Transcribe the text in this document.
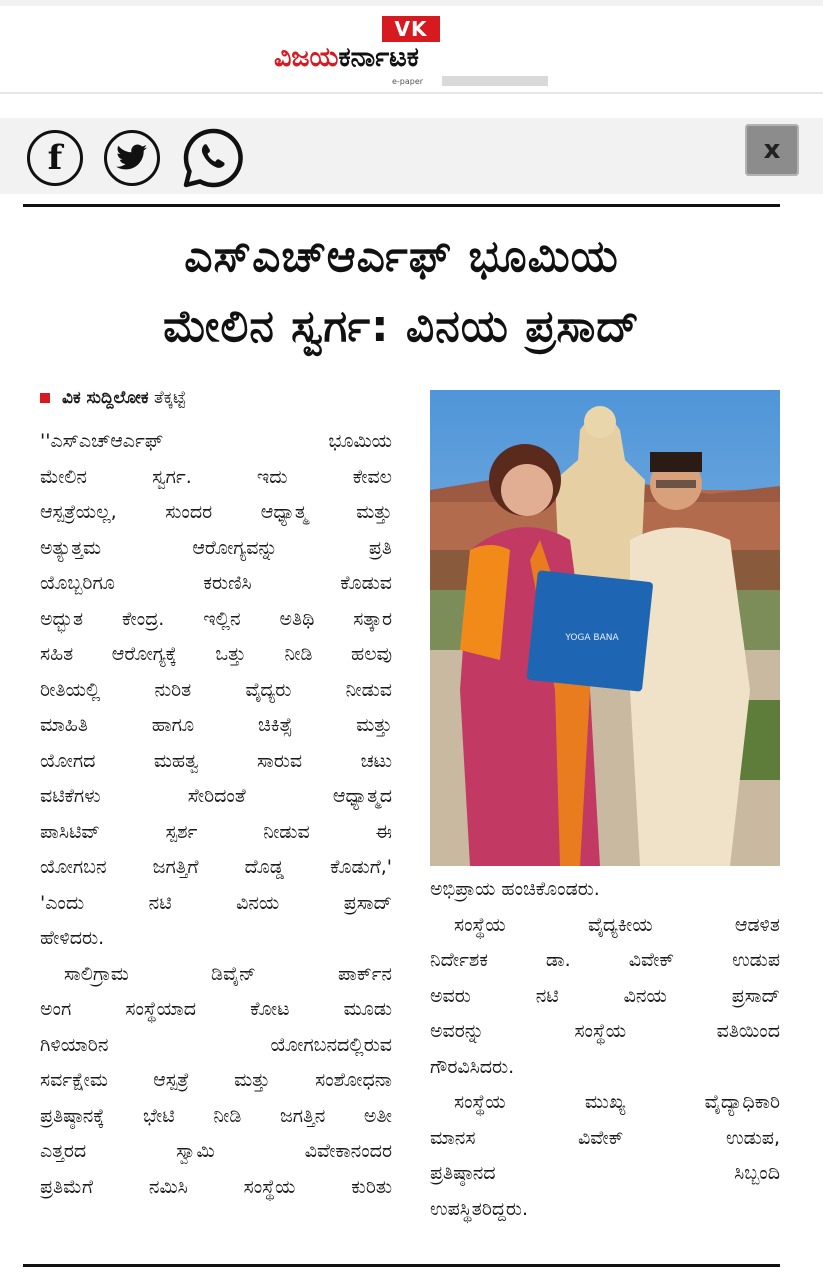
VK
ವಿಜಯಕರ್ನಾಟಕ
e-paper
f	x
ಎಸ್ಎಚ್ಆರ್ಎಫ್ ಭೂಮಿಯ
ಮೇಲಿನ ಸ್ವರ್ಗ: ವಿನಯ ಪ್ರಸಾದ್
ವಿಕ ಸುದ್ದಿಲೋಕ ತೆಕ್ಕಟ್ಟೆ
''ಎಸ್ಎಚ್ಆರ್ಎಫ್ ಭೂಮಿಯ
ಮೇಲಿನ ಸ್ವರ್ಗ. ಇದು ಕೇವಲ
ಆಸ್ಪತ್ರೆಯಲ್ಲ, ಸುಂದರ ಆಧ್ಯಾತ್ಮ ಮತ್ತು
ಅತ್ಯುತ್ತಮ ಆರೋಗ್ಯವನ್ನು ಪ್ರತಿ
ಯೊಬ್ಬರಿಗೂ ಕರುಣಿಸಿ ಕೊಡುವ
ಅದ್ಭುತ ಕೇಂದ್ರ. ಇಲ್ಲಿನ ಅತಿಥಿ ಸತ್ಕಾರ
ಸಹಿತ ಆರೋಗ್ಯಕ್ಕೆ ಒತ್ತು ನೀಡಿ ಹಲವು
ರೀತಿಯಲ್ಲಿ ನುರಿತ ವೈದ್ಯರು ನೀಡುವ
ಮಾಹಿತಿ ಹಾಗೂ ಚಿಕಿತ್ಸೆ ಮತ್ತು
ಯೋಗದ ಮಹತ್ವ ಸಾರುವ ಚಟು
ವಟಿಕೆಗಳು ಸೇರಿದಂತೆ ಆಧ್ಯಾತ್ಮದ
ಪಾಸಿಟಿವ್ ಸ್ಪರ್ಶ ನೀಡುವ ಈ
ಯೋಗಬನ ಜಗತ್ತಿಗೆ ದೊಡ್ಡ ಕೊಡುಗೆ,'
'ಎಂದು ನಟಿ ವಿನಯ ಪ್ರಸಾದ್
ಹೇಳಿದರು.
ಸಾಲಿಗ್ರಾಮ ಡಿವೈನ್ ಪಾರ್ಕ್‌ನ
ಅಂಗ ಸಂಸ್ಥೆಯಾದ ಕೋಟ ಮೂಡು
ಗಿಳಿಯಾರಿನ ಯೋಗಬನದಲ್ಲಿರುವ
ಸರ್ವಕ್ಷೇಮ ಆಸ್ಪತ್ರೆ ಮತ್ತು ಸಂಶೋಧನಾ
ಪ್ರತಿಷ್ಠಾನಕ್ಕೆ ಭೇಟಿ ನೀಡಿ ಜಗತ್ತಿನ ಅತೀ
ಎತ್ತರದ ಸ್ವಾಮಿ ವಿವೇಕಾನಂದರ
ಪ್ರತಿಮೆಗೆ ನಮಿಸಿ ಸಂಸ್ಥೆಯ ಕುರಿತು
YOGA BANA
ಅಭಿಪ್ರಾಯ ಹಂಚಿಕೊಂಡರು.
ಸಂಸ್ಥೆಯ ವೈದ್ಯಕೀಯ ಆಡಳಿತ
ನಿರ್ದೇಶಕ ಡಾ. ವಿವೇಕ್ ಉಡುಪ
ಅವರು ನಟಿ ವಿನಯ ಪ್ರಸಾದ್
ಅವರನ್ನು ಸಂಸ್ಥೆಯ ವತಿಯಿಂದ
ಗೌರವಿಸಿದರು.
ಸಂಸ್ಥೆಯ ಮುಖ್ಯ ವೈದ್ಯಾಧಿಕಾರಿ
ಮಾನಸ ವಿವೇಕ್ ಉಡುಪ,
ಪ್ರತಿಷ್ಠಾನದ ಸಿಬ್ಬಂದಿ
ಉಪಸ್ಥಿತರಿದ್ದರು.
